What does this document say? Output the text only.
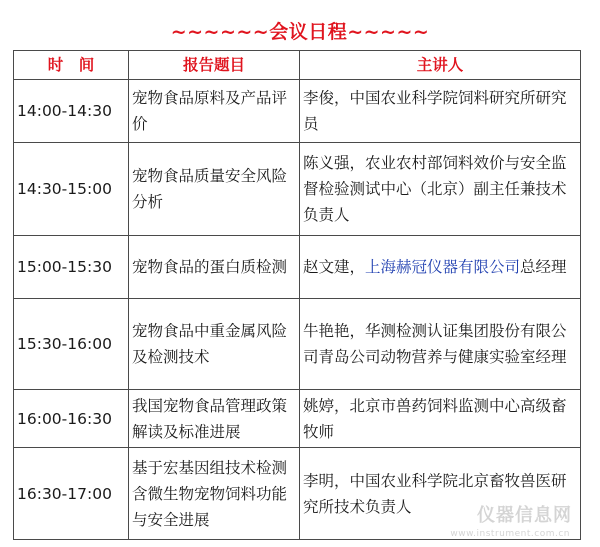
~~~~~~会议日程~~~~~
时　间	报告题目	主讲人
14:00-14:30	宠物食品原料及产品评价	李俊，中国农业科学院饲料研究所研究员
14:30-15:00	宠物食品质量安全风险分析	陈义强，农业农村部饲料效价与安全监督检验测试中心（北京）副主任兼技术负责人
15:00-15:30	宠物食品的蛋白质检测	赵文建，上海赫冠仪器有限公司总经理
15:30-16:00	宠物食品中重金属风险及检测技术	牛艳艳，华测检测认证集团股份有限公司青岛公司动物营养与健康实验室经理
16:00-16:30	我国宠物食品管理政策解读及标准进展	姚婷，北京市兽药饲料监测中心高级畜牧师
16:30-17:00	基于宏基因组技术检测含微生物宠物饲料功能与安全进展	李明，中国农业科学院北京畜牧兽医研究所技术负责人	仪器信息网
www.instrument.com.cn
